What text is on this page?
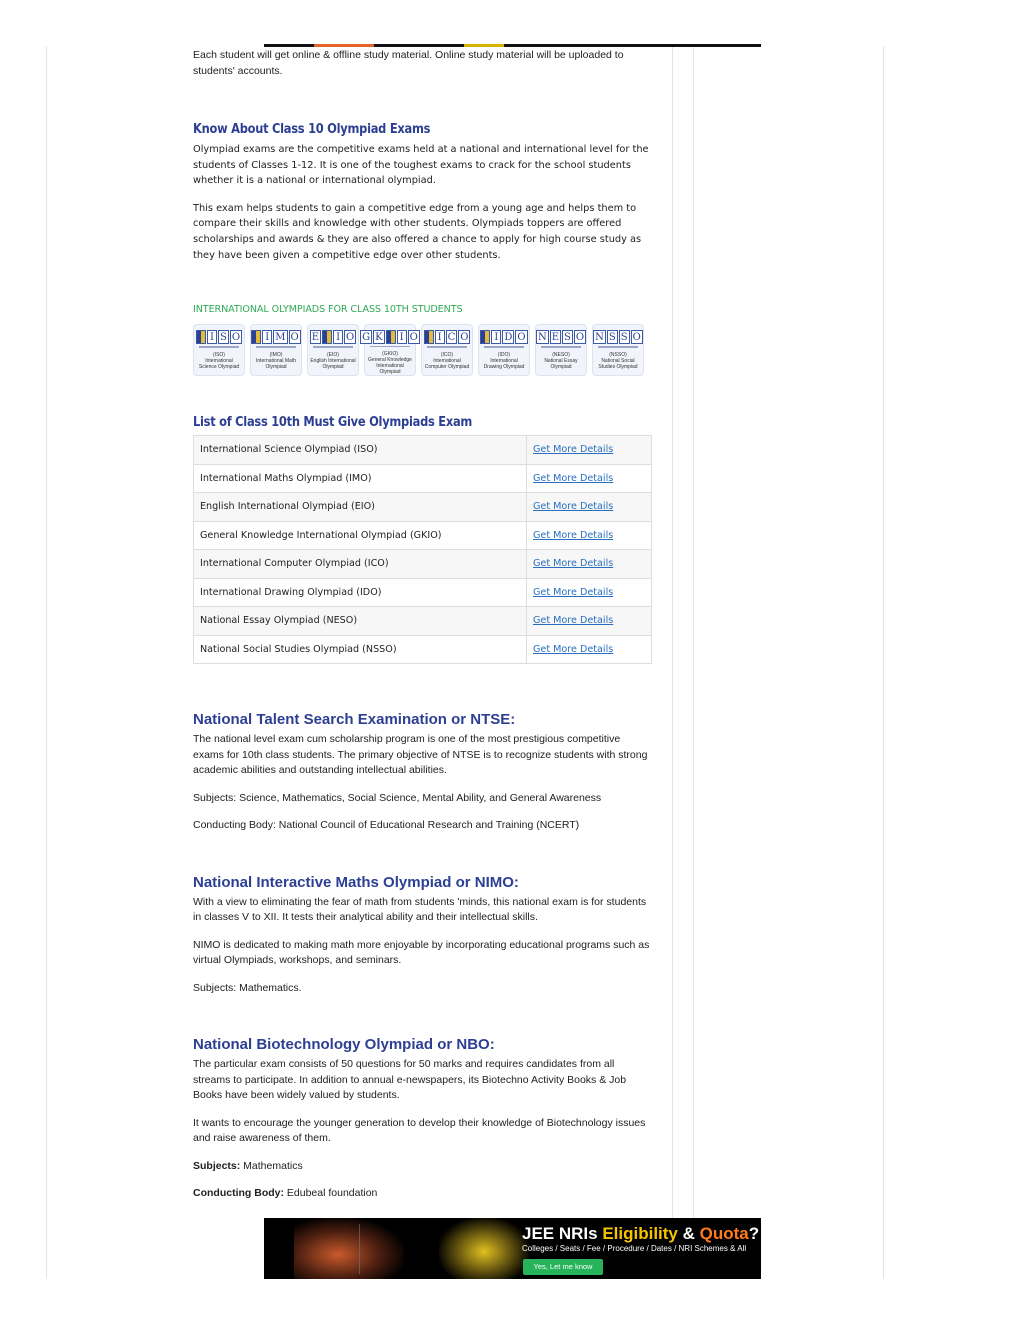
Each student will get online & offline study material. Online study material will be uploaded to students' accounts.

Know About Class 10 Olympiad Exams

Olympiad exams are the competitive exams held at a national and international level for the students of Classes 1-12. It is one of the toughest exams to crack for the school students whether it is a national or international olympiad.

This exam helps students to gain a competitive edge from a young age and helps them to compare their skills and knowledge with other students. Olympiads toppers are offered scholarships and awards & they are also offered a chance to apply for high course study as they have been given a competitive edge over other students.

INTERNATIONAL OLYMPIADS FOR CLASS 10TH STUDENTS

I S O
(ISO)
International Science Olympiad

I M O
(IMO)
International Math Olympiad
E
	I O
(EIO)
English International Olympiad
G K
	I O
(GKIO)
General Knowledge International Olympiad

I C O
(ICO)
International Computer Olympiad

I D O
(IDO)
International Drawing Olympiad
N E S O
(NESO)
National Essay Olympiad
N S S O
(NSSO)
National Social Studies Olympiad
List of Class 10th Must Give Olympiads Exam
International Science Olympiad (ISO)	Get More Details
International Maths Olympiad (IMO)	Get More Details
English International Olympiad (EIO)	Get More Details
General Knowledge International Olympiad (GKIO)	Get More Details
International Computer Olympiad (ICO)	Get More Details
International Drawing Olympiad (IDO)	Get More Details
National Essay Olympiad (NESO)	Get More Details
National Social Studies Olympiad (NSSO)	Get More Details
National Talent Search Examination or NTSE:

The national level exam cum scholarship program is one of the most prestigious competitive exams for 10th class students. The primary objective of NTSE is to recognize students with strong academic abilities and outstanding intellectual abilities.

Subjects: Science, Mathematics, Social Science, Mental Ability, and General Awareness

Conducting Body: National Council of Educational Research and Training (NCERT)

National Interactive Maths Olympiad or NIMO:

With a view to eliminating the fear of math from students 'minds, this national exam is for students in classes V to XII. It tests their analytical ability and their intellectual skills.

NIMO is dedicated to making math more enjoyable by incorporating educational programs such as virtual Olympiads, workshops, and seminars.

Subjects: Mathematics.

National Biotechnology Olympiad or NBO:

The particular exam consists of 50 questions for 50 marks and requires candidates from all streams to participate. In addition to annual e-newspapers, its Biotechno Activity Books & Job Books have been widely valued by students.

It wants to encourage the younger generation to develop their knowledge of Biotechnology issues and raise awareness of them.

Subjects: Mathematics

Conducting Body: Edubeal foundation

JEE NRIs Eligibility & Quota?
Colleges / Seats / Fee / Procedure / Dates / NRI Schemes & All
Yes, Let me know
